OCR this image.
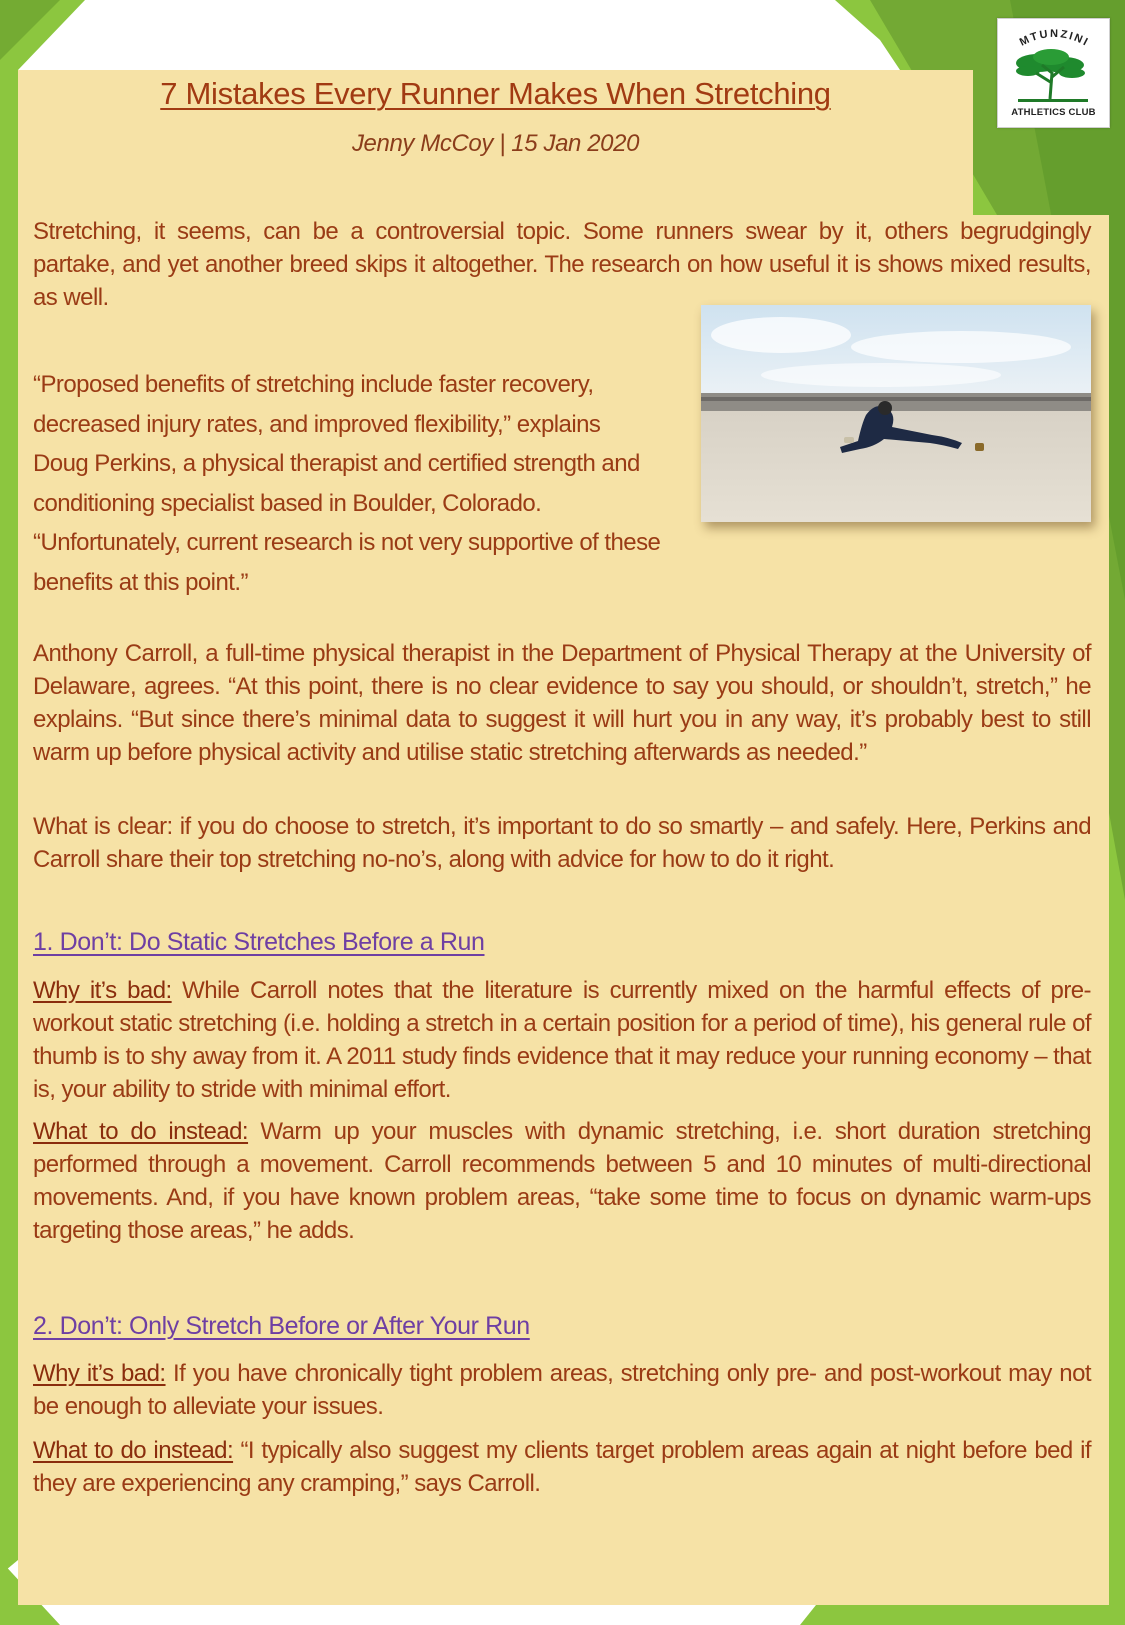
7 Mistakes Every Runner Makes When Stretching
Jenny McCoy | 15 Jan 2020
MTUNZINI
ATHLETICS CLUB

Stretching, it seems, can be a controversial topic. Some runners swear by it, others begrudgingly partake, and yet another breed skips it altogether. The research on how useful it is shows mixed results, as well.

“Proposed benefits of stretching include faster recovery,
decreased injury rates, and improved flexibility,” explains
Doug Perkins, a physical therapist and certified strength and
conditioning specialist based in Boulder, Colorado.
“Unfortunately, current research is not very supportive of these
benefits at this point.”

Anthony Carroll, a full-time physical therapist in the Department of Physical Therapy at the University of Delaware, agrees. “At this point, there is no clear evidence to say you should, or shouldn’t, stretch,” he explains. “But since there’s minimal data to suggest it will hurt you in any way, it’s probably best to still warm up before physical activity and utilise static stretching afterwards as needed.”

What is clear: if you do choose to stretch, it’s important to do so smartly – and safely. Here, Perkins and Carroll share their top stretching no-no’s, along with advice for how to do it right.

1. Don’t: Do Static Stretches Before a Run

Why it’s bad: While Carroll notes that the literature is currently mixed on the harmful effects of pre-workout static stretching (i.e. holding a stretch in a certain position for a period of time), his general rule of thumb is to shy away from it. A 2011 study finds evidence that it may reduce your running economy – that is, your ability to stride with minimal effort.

What to do instead: Warm up your muscles with dynamic stretching, i.e. short duration stretching performed through a movement. Carroll recommends between 5 and 10 minutes of multi-directional movements. And, if you have known problem areas, “take some time to focus on dynamic warm-ups targeting those areas,” he adds.

2. Don’t: Only Stretch Before or After Your Run

Why it’s bad: If you have chronically tight problem areas, stretching only pre- and post-workout may not be enough to alleviate your issues.

What to do instead: “I typically also suggest my clients target problem areas again at night before bed if they are experiencing any cramping,” says Carroll.
